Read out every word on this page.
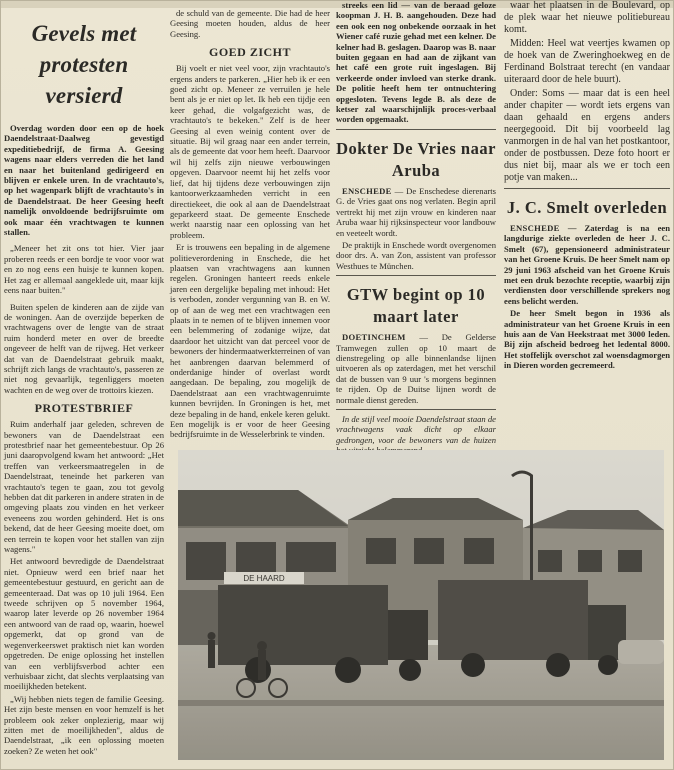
Gevels met protesten versierd

Overdag worden door een op de hoek Daendelstraat-Daalweg gevestigd expeditiebedrijf, de firma A. Geesing wagens naar elders verreden die het land en naar het buitenland gedirigeerd en blijven er enkele uren. In de vrachtauto's, op het wagenpark blijft de vrachtauto's in de Daendelstraat. De heer Geesing heeft namelijk onvoldoende bedrijfsruimte om ook maar één vrachtwagen te kunnen stallen.

„Meneer het zit ons tot hier. Vier jaar proberen reeds er een bordje te voor voor wat en zo nog eens een huisje te kunnen kopen. Het zag er allemaal aangeklede uit, maar kijk eens naar buiten."

Buiten spelen de kinderen aan de zijde van de woningen. Aan de overzijde beperken de vrachtwagens over de lengte van de straat ruim honderd meter en over de breedte ongeveer de helft van de rijweg. Het verkeer dat van de Daendelstraat gebruik maakt, schrijft zich langs de vrachtauto's, passeren ze niet nog gevaarlijk, tegenliggers moeten wachten en de weg over de trottoirs kiezen.

PROTESTBRIEF

Ruim anderhalf jaar geleden, schreven de bewoners van de Daendelstraat een protestbrief naar het gemeentebestuur. Op 26 juni daaropvolgend kwam het antwoord: „Het treffen van verkeersmaatregelen in de Daendelstraat, teneinde het parkeren van vrachtauto's tegen te gaan, zou tot gevolg hebben dat dit parkeren in andere straten in de omgeving plaats zou vinden en het verkeer eveneens zou worden gehinderd. Het is ons bekend, dat de heer Geesing moeite doet, om een terrein te kopen voor het stallen van zijn wagens."

Het antwoord bevredigde de Daendelstraat niet. Opnieuw werd een brief naar het gemeentebestuur gestuurd, en gericht aan de gemeenteraad. Dat was op 10 juli 1964. Een tweede schrijven op 5 november 1964, waarop later leverde op 26 november 1964 een antwoord van de raad op, waarin, hoewel opgemerkt, dat op grond van de wegenverkeerswet praktisch niet kan worden opgetreden. De enige oplossing het instellen van een verblijfsverbod achter een verhuisbaar zicht, dat slechts verplaatsing van moeilijkheden betekent.

„Wij hebben niets tegen de familie Geesing. Het zijn beste mensen en voor hemzelf is het probleem ook zeker onplezierig, maar wij zitten met de moeilijkheden", aldus de Daendelstraat, „ik een oplossing moeten zoeken? Ze weten het ook"

de schuld van de gemeente. Die had de heer Geesing moeten houden, aldus de heer Geesing.

GOED ZICHT

Bij voelt er niet veel voor, zijn vrachtauto's ergens anders te parkeren. „Hier heb ik er een goed zicht op. Meneer ze verruilen je hele bent als je er niet op let. Ik heb een tijdje een keer gehad, die volgafgezicht was, de vrachtauto's te bekeken." Zelf is de heer Geesing al even weinig content over de situatie. Bij wil graag naar een ander terrein, als de gemeente dat voor hem heeft. Daarvoor wil hij zelfs zijn nieuwe verbouwingen opgeven. Daarvoor neemt hij het zelfs voor lief, dat hij tijdens deze verbouwingen zijn kantoorwerkzaamheden verricht in een directiekeet, die ook al aan de Daendelstraat geparkeerd staat. De gemeente Enschede werkt naarstig naar een oplossing van het probleem.

Er is trouwens een bepaling in de algemene politieverordening in Enschede, die het plaatsen van vrachtwagens aan kunnen regelen. Groningen hanteert reeds enkele jaren een dergelijke bepaling met inhoud: Het is verboden, zonder vergunning van B. en W. op of aan de weg met een vrachtwagen een plaats in te nemen of te blijven innemen voor een belemmering of zodanige wijze, dat daardoor het uitzicht van dat perceel voor de bewoners der hindermaatwerkterreinen of van het aanbrengen daarvan belemmerd of onderdanige hinder of overlast wordt aangedaan. De bepaling, zou mogelijk de Daendelstraat aan een vrachtwagenruimte kunnen bevrijden. In Groningen is het, met deze bepaling in de hand, enkele keren gelukt. Een mogelijk is er voor de heer Geesing bedrijfsruimte in de Wesselerbrink te vinden.

streeks een lid — van de beraad geloze koopman J. H. B. aangehouden. Deze had een ook een nog onbekende oorzaak in het Wiener café ruzie gehad met een kelner. De kelner had B. geslagen. Daarop was B. naar buiten gegaan en had aan de zijkant van het café een grote ruit ingeslagen. Bij verkeerde onder invloed van sterke drank. De politie heeft hem ter ontnuchtering opgesloten. Tevens legde B. als deze de ketser zal waarschijnlijk proces-verbaal worden opgemaakt.

Dokter De Vries naar Aruba

ENSCHEDE — De Enschedese dierenarts G. de Vries gaat ons nog verlaten. Begin april vertrekt hij met zijn vrouw en kinderen naar Aruba waar hij rijksinspecteur voor landbouw en veeteelt wordt.

De praktijk in Enschede wordt overgenomen door drs. A. van Zon, assistent van professor Westhues te München.

GTW begint op 10 maart later

DOETINCHEM — De Gelderse Tramwegen zullen op 10 maart de dienstregeling op alle binnenlandse lijnen uitvoeren als op zaterdagen, met het verschil dat de bussen van 9 uur 's morgens beginnen te rijden. Op de Duitse lijnen wordt de normale dienst gereden.

In de stijl veel mooie Daendelstraat staan de vrachtwagens vaak dicht op elkaar gedrongen, voor de bewoners van de huizen

waar het plaatsen in de Boulevard, op de plek waar het nieuwe politiebureau komt.

Midden: Heel wat veertjes kwamen op de hoek van de Zweringhoekweg en de Ferdinand Bolstraat terecht (en vandaar uiteraard door de hele buurt).

Onder: Soms — maar dat is een heel ander chapiter — wordt iets ergens van daan gehaald en ergens anders neergegooid. Dit bij voorbeeld lag vanmorgen in de hal van het postkantoor, onder de postbussen. Deze foto hoort er dus niet bij, maar als we er toch een potje van maken...

J. C. Smelt overleden

ENSCHEDE — Zaterdag is na een langdurige ziekte overleden de heer J. C. Smelt (67), gepensioneerd administrateur van het Groene Kruis. De heer Smelt nam op 29 juni 1963 afscheid van het Groene Kruis met een druk bezochte receptie, waarbij zijn verdiensten door verschillende sprekers nog eens belicht werden.

De heer Smelt begon in 1936 als administrateur van het Groene Kruis in een huis aan de Van Heekstraat met 3000 leden. Bij zijn afscheid bedroeg het ledental 8000. Het stoffelijk overschot zal woensdagmorgen in Dieren worden gecremeerd.

DE HAARD
